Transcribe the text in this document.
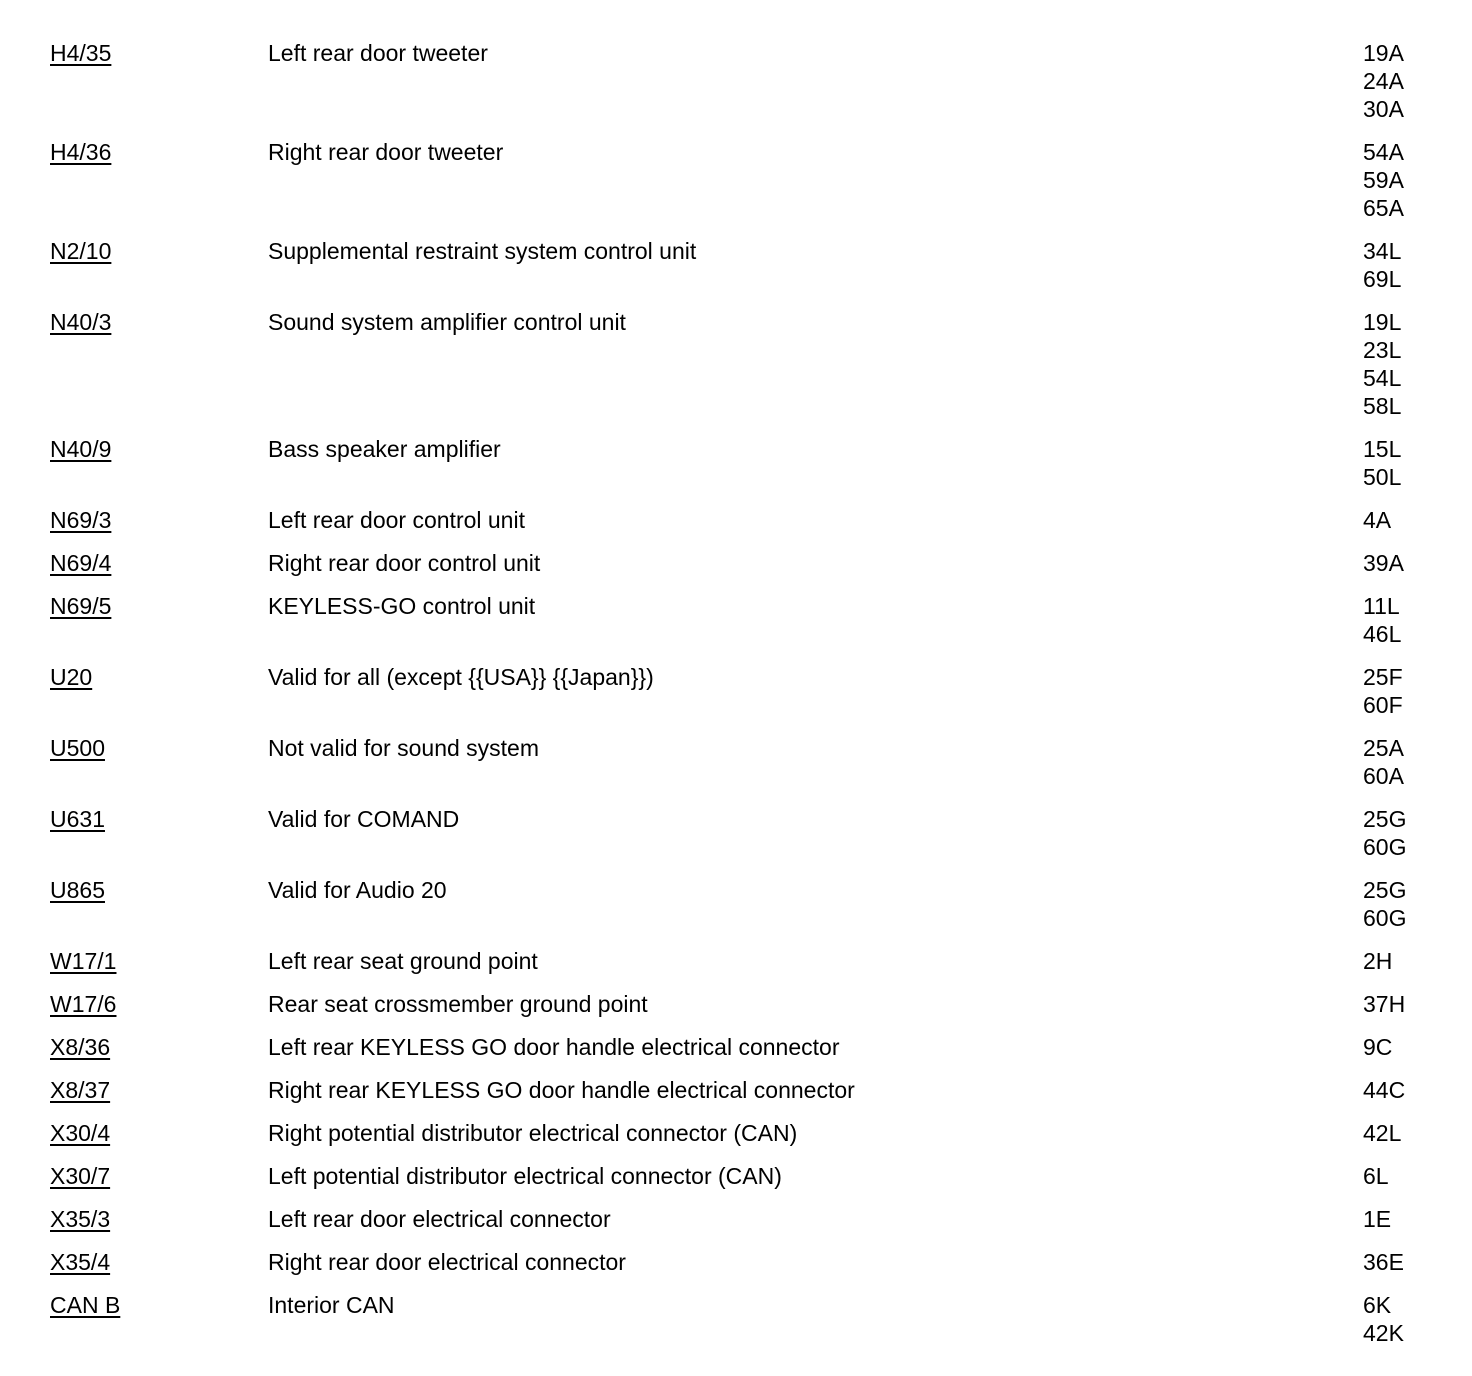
H4/35	Left rear door tweeter	19A
24A
30A
H4/36	Right rear door tweeter	54A
59A
65A
N2/10	Supplemental restraint system control unit	34L
69L
N40/3	Sound system amplifier control unit	19L
23L
54L
58L
N40/9	Bass speaker amplifier	15L
50L
N69/3	Left rear door control unit	4A
N69/4	Right rear door control unit	39A
N69/5	KEYLESS-GO control unit	11L
46L
U20	Valid for all (except {{USA}} {{Japan}})	25F
60F
U500	Not valid for sound system	25A
60A
U631	Valid for COMAND	25G
60G
U865	Valid for Audio 20	25G
60G
W17/1	Left rear seat ground point	2H
W17/6	Rear seat crossmember ground point	37H
X8/36	Left rear KEYLESS GO door handle electrical connector	9C
X8/37	Right rear KEYLESS GO door handle electrical connector	44C
X30/4	Right potential distributor electrical connector (CAN)	42L
X30/7	Left potential distributor electrical connector (CAN)	6L
X35/3	Left rear door electrical connector	1E
X35/4	Right rear door electrical connector	36E
CAN B	Interior CAN	6K
42K
